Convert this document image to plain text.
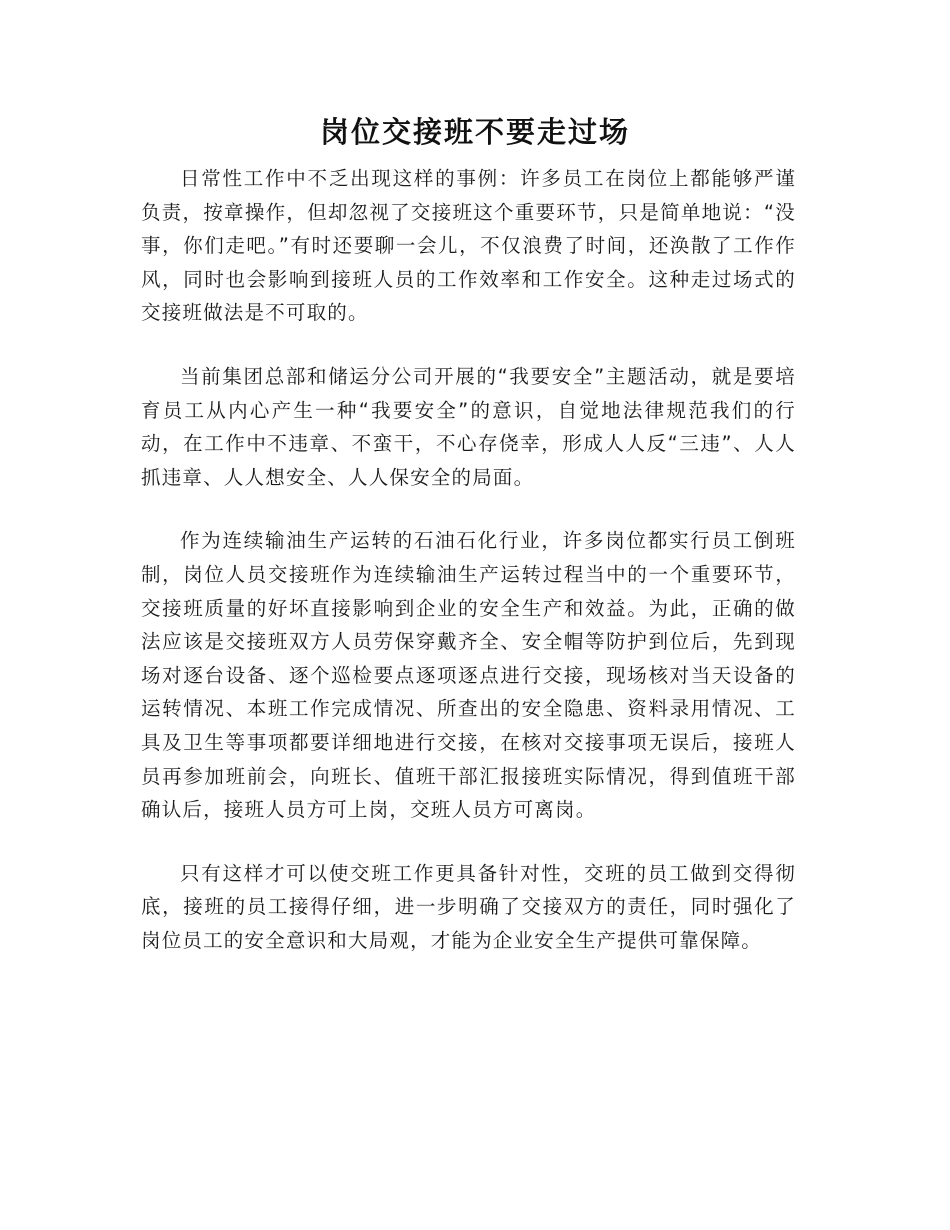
岗位交接班不要走过场

日常性工作中不乏出现这样的事例：许多员工在岗位上都能够严谨负责，按章操作，但却忽视了交接班这个重要环节，只是简单地说：“没事，你们走吧。”有时还要聊一会儿，不仅浪费了时间，还涣散了工作作风，同时也会影响到接班人员的工作效率和工作安全。这种走过场式的交接班做法是不可取的。

当前集团总部和储运分公司开展的“我要安全”主题活动，就是要培育员工从内心产生一种“我要安全”的意识，自觉地法律规范我们的行动，在工作中不违章、不蛮干，不心存侥幸，形成人人反“三违”、人人抓违章、人人想安全、人人保安全的局面。

作为连续输油生产运转的石油石化行业，许多岗位都实行员工倒班制，岗位人员交接班作为连续输油生产运转过程当中的一个重要环节，交接班质量的好坏直接影响到企业的安全生产和效益。为此，正确的做法应该是交接班双方人员劳保穿戴齐全、安全帽等防护到位后，先到现场对逐台设备、逐个巡检要点逐项逐点进行交接，现场核对当天设备的运转情况、本班工作完成情况、所查出的安全隐患、资料录用情况、工具及卫生等事项都要详细地进行交接，在核对交接事项无误后，接班人员再参加班前会，向班长、值班干部汇报接班实际情况，得到值班干部确认后，接班人员方可上岗，交班人员方可离岗。

只有这样才可以使交班工作更具备针对性，交班的员工做到交得彻底，接班的员工接得仔细，进一步明确了交接双方的责任，同时强化了岗位员工的安全意识和大局观，才能为企业安全生产提供可靠保障。
